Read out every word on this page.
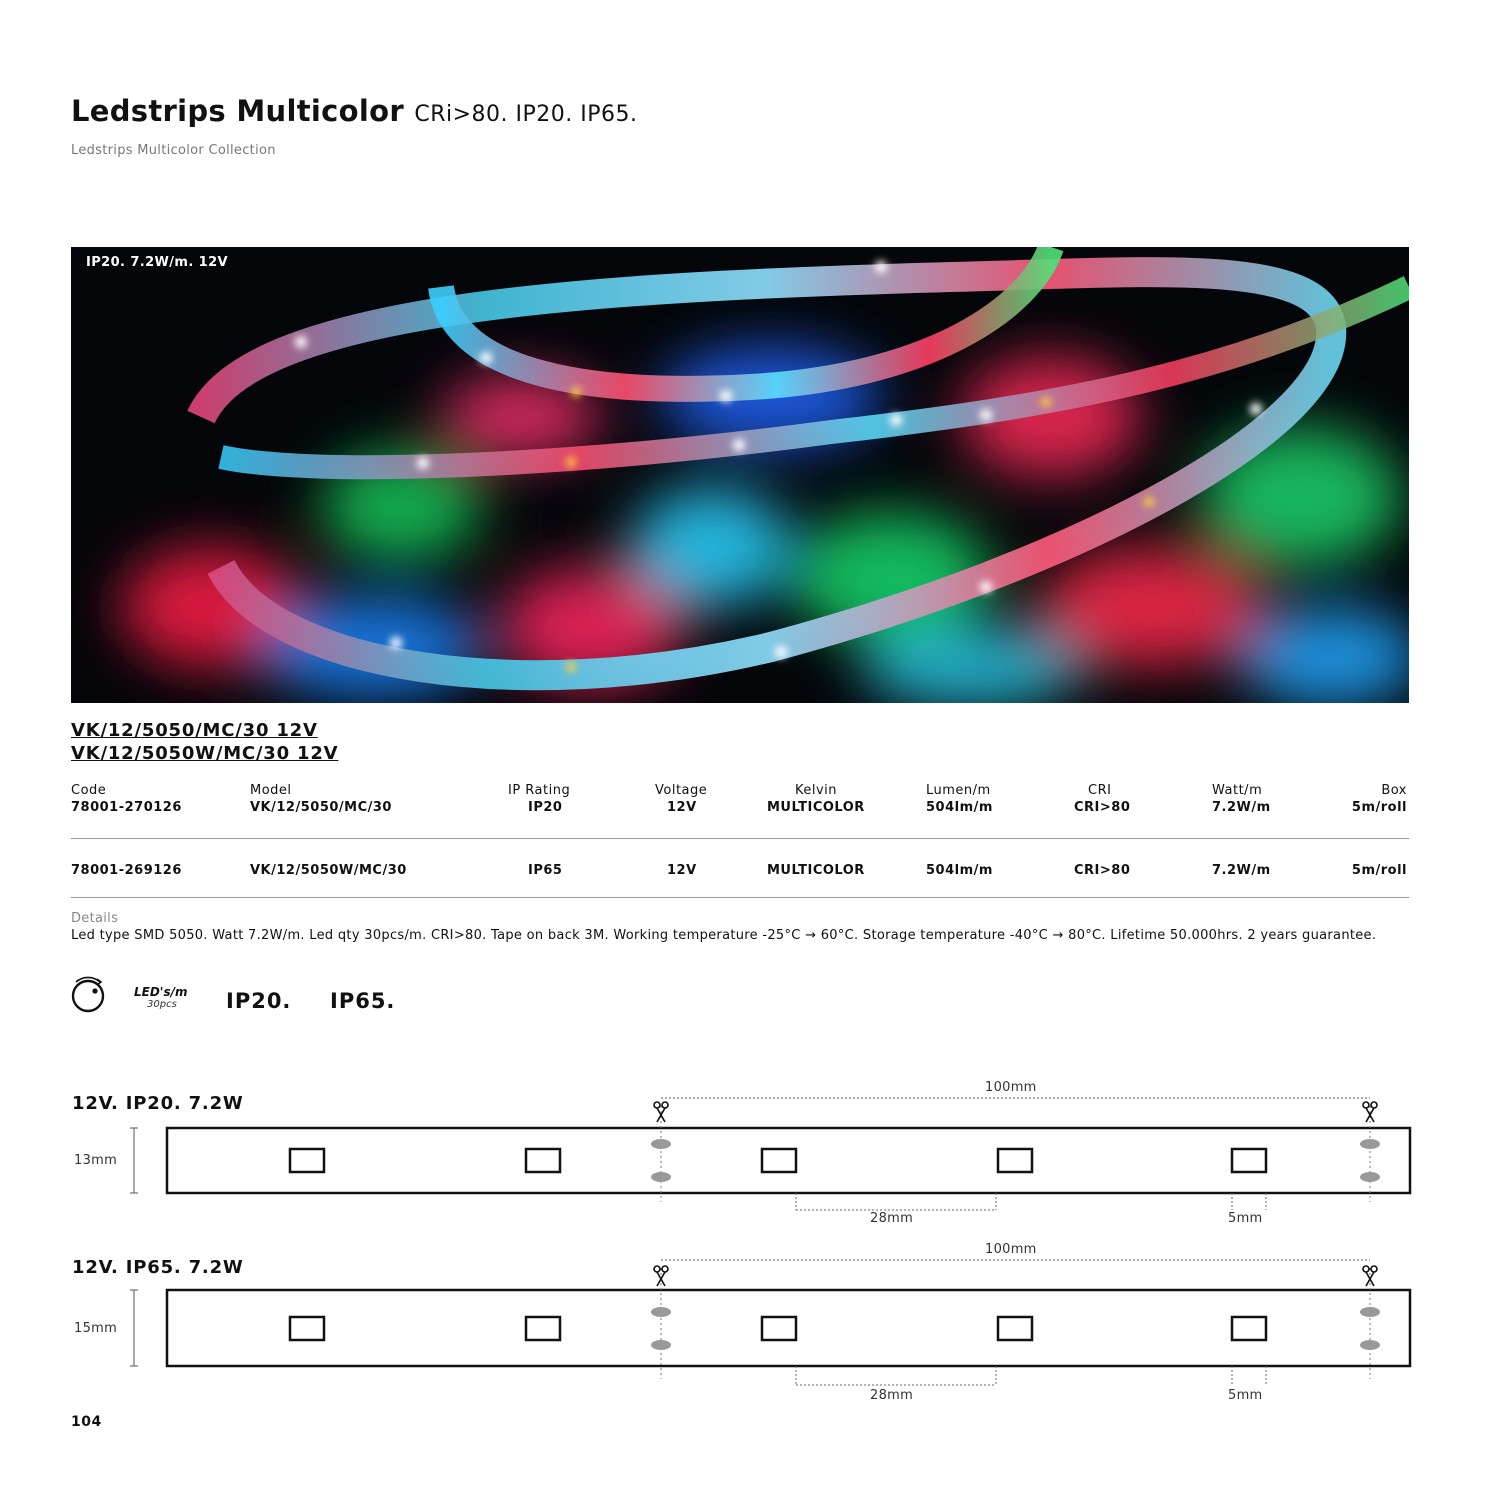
Ledstrips Multicolor CRi>80. IP20. IP65.
Ledstrips Multicolor Collection
IP20. 7.2W/m. 12V
VK/12/5050/MC/30 12V
VK/12/5050W/MC/30 12V
Code	Model	IP Rating	Voltage	Kelvin	Lumen/m	CRI	Watt/m	Box
78001-270126	VK/12/5050/MC/30	IP20	12V	MULTICOLOR	504lm/m	CRI>80	7.2W/m	5m/roll
78001-269126	VK/12/5050W/MC/30	IP65	12V	MULTICOLOR	504lm/m	CRI>80	7.2W/m	5m/roll
Details
Led type SMD 5050. Watt 7.2W/m. Led qty 30pcs/m. CRI>80. Tape on back 3M. Working temperature -25°C → 60°C. Storage temperature -40°C → 80°C. Lifetime 50.000hrs. 2 years guarantee.
LED's/m
30pcs IP20. IP65.
12V. IP20. 7.2W
13mm
100mm
28mm	5mm
12V. IP65. 7.2W
15mm
100mm
28mm	5mm
104
